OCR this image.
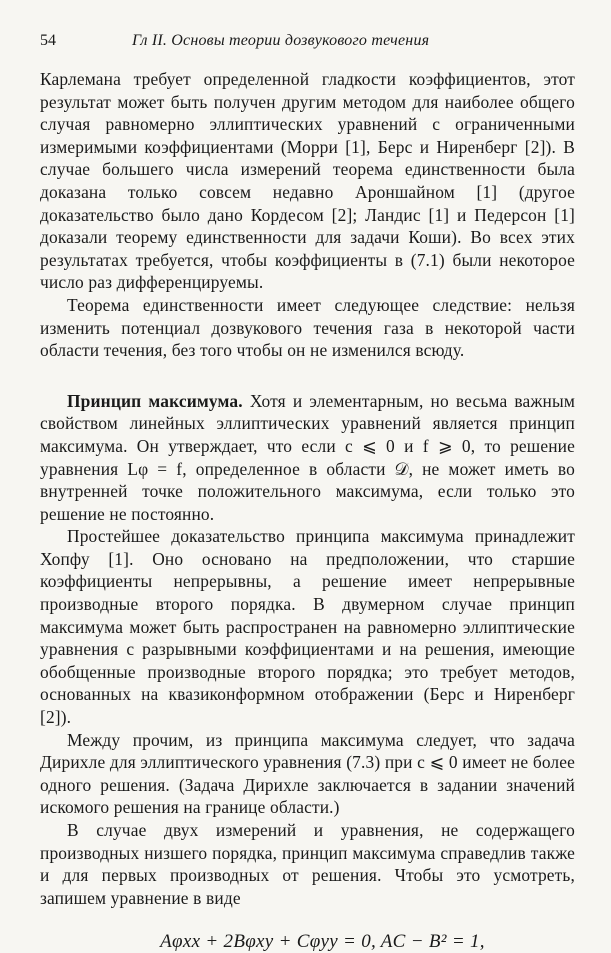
54	Гл II. Основы теории дозвукового течения

Карлемана требует определенной гладкости коэффициентов, этот результат может быть получен другим методом для наиболее общего случая равномерно эллиптических уравнений с ограниченными измеримыми коэффициентами (Морри [1], Берс и Ниренберг [2]). В случае большего числа измерений теорема единственности была доказана только совсем недавно Ароншайном [1] (другое доказательство было дано Кордесом [2]; Ландис [1] и Педерсон [1] доказали теорему единственности для задачи Коши). Во всех этих результатах требуется, чтобы коэффициенты в (7.1) были некоторое число раз дифференцируемы.

Теорема единственности имеет следующее следствие: нельзя изменить потенциал дозвукового течения газа в некоторой части области течения, без того чтобы он не изменился всюду.

Принцип максимума. Хотя и элементарным, но весьма важным свойством линейных эллиптических уравнений является принцип максимума. Он утверждает, что если c ⩽ 0 и f ⩾ 0, то решение уравнения Lφ = f, определенное в области 𝒟, не может иметь во внутренней точке положительного максимума, если только это решение не постоянно.

Простейшее доказательство принципа максимума принадлежит Хопфу [1]. Оно основано на предположении, что старшие коэффициенты непрерывны, а решение имеет непрерывные производные второго порядка. В двумерном случае принцип максимума может быть распространен на равномерно эллиптические уравнения с разрывными коэффициентами и на решения, имеющие обобщенные производные второго порядка; это требует методов, основанных на квазиконформном отображении (Берс и Ниренберг [2]).

Между прочим, из принципа максимума следует, что задача Дирихле для эллиптического уравнения (7.3) при c ⩽ 0 имеет не более одного решения. (Задача Дирихле заключается в задании значений искомого решения на границе области.)

В случае двух измерений и уравнения, не содержащего производных низшего порядка, принцип максимума справедлив также и для первых производных от решения. Чтобы это усмотреть, запишем уравнение в виде

Aφxx + 2Bφxy + Cφyy = 0, AC − B² = 1,
